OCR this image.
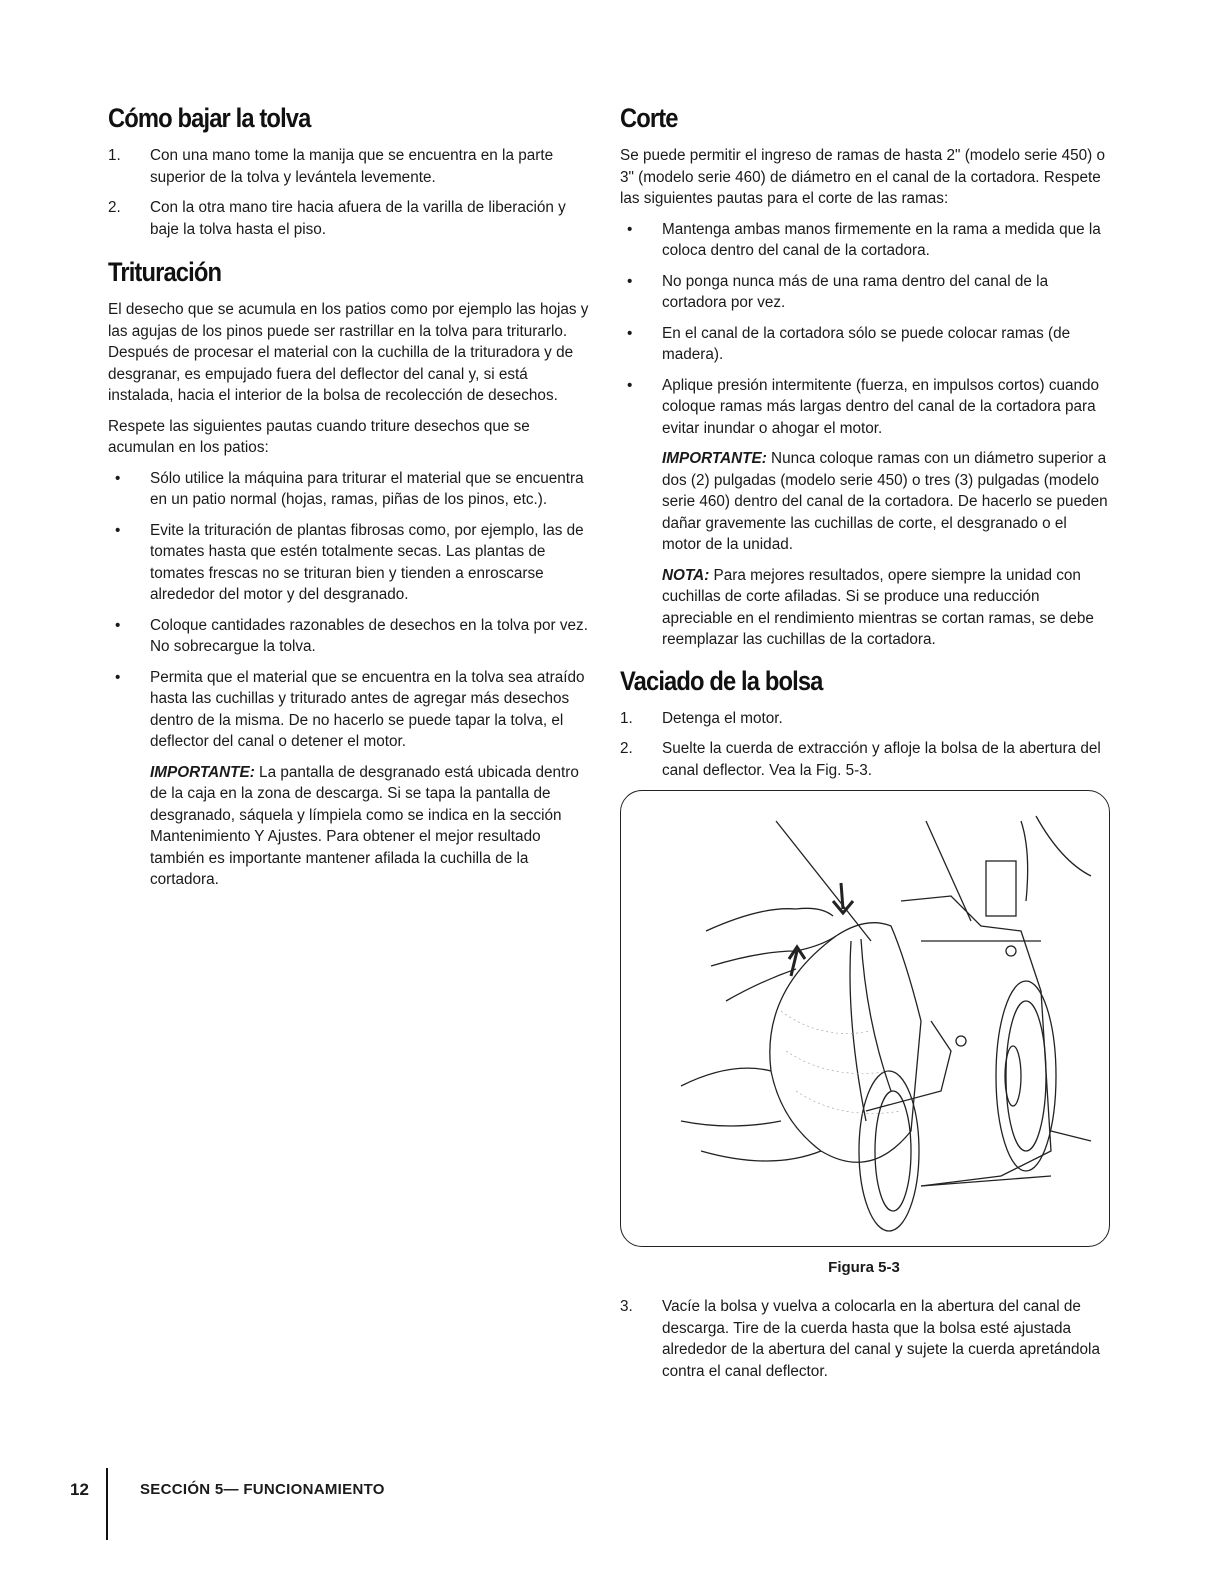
Cómo bajar la tolva
1. Con una mano tome la manija que se encuentra en la parte superior de la tolva y levántela levemente.
2. Con la otra mano tire hacia afuera de la varilla de liberación y baje la tolva hasta el piso.
Trituración

El desecho que se acumula en los patios como por ejemplo las hojas y las agujas de los pinos puede ser rastrillar en la tolva para triturarlo. Después de procesar el material con la cuchilla de la trituradora y de desgranar, es empujado fuera del deflector del canal y, si está instalada, hacia el interior de la bolsa de recolección de desechos.

Respete las siguientes pautas cuando triture desechos que se acumulan en los patios:

• Sólo utilice la máquina para triturar el material que se encuentra en un patio normal (hojas, ramas, piñas de los pinos, etc.).
• Evite la trituración de plantas fibrosas como, por ejemplo, las de tomates hasta que estén totalmente secas. Las plantas de tomates frescas no se trituran bien y tienden a enroscarse alrededor del motor y del desgranado.
• Coloque cantidades razonables de desechos en la tolva por vez. No sobrecargue la tolva.
• Permita que el material que se encuentra en la tolva sea atraído hasta las cuchillas y triturado antes de agregar más desechos dentro de la misma. De no hacerlo se puede tapar la tolva, el deflector del canal o detener el motor.

IMPORTANTE: La pantalla de desgranado está ubicada dentro de la caja en la zona de descarga. Si se tapa la pantalla de desgranado, sáquela y límpiela como se indica en la sección Mantenimiento Y Ajustes. Para obtener el mejor resultado también es importante mantener afilada la cuchilla de la cortadora.

Corte

Se puede permitir el ingreso de ramas de hasta 2" (modelo serie 450) o 3" (modelo serie 460) de diámetro en el canal de la cortadora. Respete las siguientes pautas para el corte de las ramas:

• Mantenga ambas manos firmemente en la rama a medida que la coloca dentro del canal de la cortadora.
• No ponga nunca más de una rama dentro del canal de la cortadora por vez.
• En el canal de la cortadora sólo se puede colocar ramas (de madera).
• Aplique presión intermitente (fuerza, en impulsos cortos) cuando coloque ramas más largas dentro del canal de la cortadora para evitar inundar o ahogar el motor.

IMPORTANTE: Nunca coloque ramas con un diámetro superior a dos (2) pulgadas (modelo serie 450) o tres (3) pulgadas (modelo serie 460) dentro del canal de la cortadora. De hacerlo se pueden dañar gravemente las cuchillas de corte, el desgranado o el motor de la unidad.

NOTA: Para mejores resultados, opere siempre la unidad con cuchillas de corte afiladas. Si se produce una reducción apreciable en el rendimiento mientras se cortan ramas, se debe reemplazar las cuchillas de la cortadora.

Vaciado de la bolsa
1. Detenga el motor.
2. Suelte la cuerda de extracción y afloje la bolsa de la abertura del canal deflector. Vea la Fig. 5-3.
Figura 5-3
3. Vacíe la bolsa y vuelva a colocarla en la abertura del canal de descarga. Tire de la cuerda hasta que la bolsa esté ajustada alrededor de la abertura del canal y sujete la cuerda apretándola contra el canal deflector.
12	SECCIÓN 5— FUNCIONAMIENTO
